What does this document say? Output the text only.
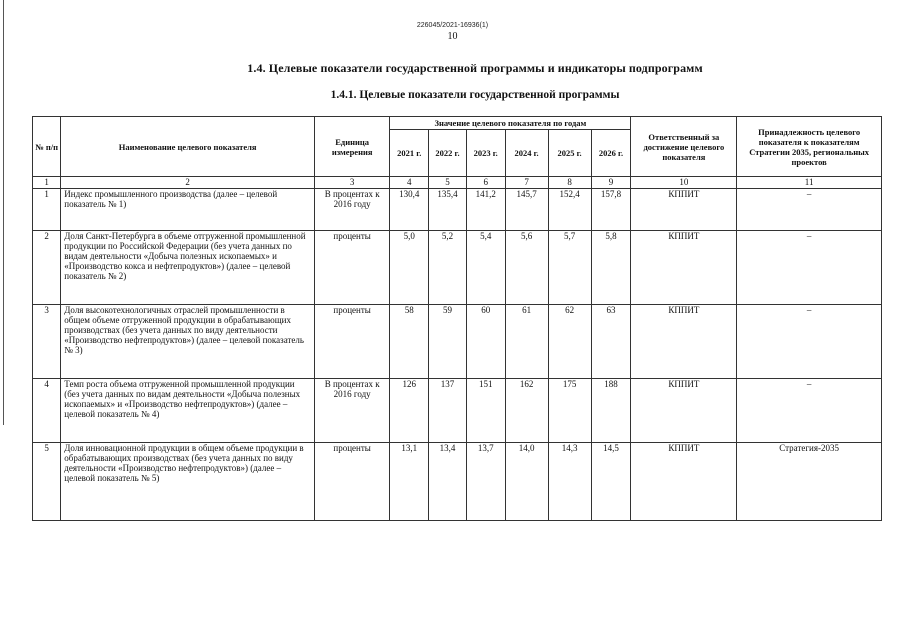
226045/2021-16936(1)
10
1.4. Целевые показатели государственной программы и индикаторы подпрограмм
1.4.1. Целевые показатели государственной программы
№ п/п	Наименование целевого показателя	Единица измерения	Значение целевого показателя по годам						Ответственный за достижение целевого показателя	Принадлежность целевого показателя к показателям Стратегии 2035, региональных проектов
			2021 г.	2022 г.	2023 г.	2024 г.	2025 г.	2026 г.		
1	2	3	4	5	6	7	8	9	10	11
1	Индекс промышленного производства (далее – целевой показатель № 1)	В процентах к 2016 году	130,4	135,4	141,2	145,7	152,4	157,8	КППИТ	–
2	Доля Санкт-Петербурга в объеме отгруженной промышленной продукции по Российской Федерации (без учета данных по видам деятельности «Добыча полезных ископаемых» и «Производство кокса и нефтепродуктов») (далее – целевой показатель № 2)	проценты	5,0	5,2	5,4	5,6	5,7	5,8	КППИТ	–
3	Доля высокотехнологичных отраслей промышленности в общем объеме отгруженной продукции в обрабатывающих производствах (без учета данных по виду деятельности «Производство нефтепродуктов») (далее – целевой показатель № 3)	проценты	58	59	60	61	62	63	КППИТ	–
4	Темп роста объема отгруженной промышленной продукции (без учета данных по видам деятельности «Добыча полезных ископаемых» и «Производство нефтепродуктов») (далее – целевой показатель № 4)	В процентах к 2016 году	126	137	151	162	175	188	КППИТ	–
5	Доля инновационной продукции в общем объеме продукции в обрабатывающих производствах (без учета данных по виду деятельности «Производство нефтепродуктов») (далее – целевой показатель № 5)	проценты	13,1	13,4	13,7	14,0	14,3	14,5	КППИТ	Стратегия-2035
